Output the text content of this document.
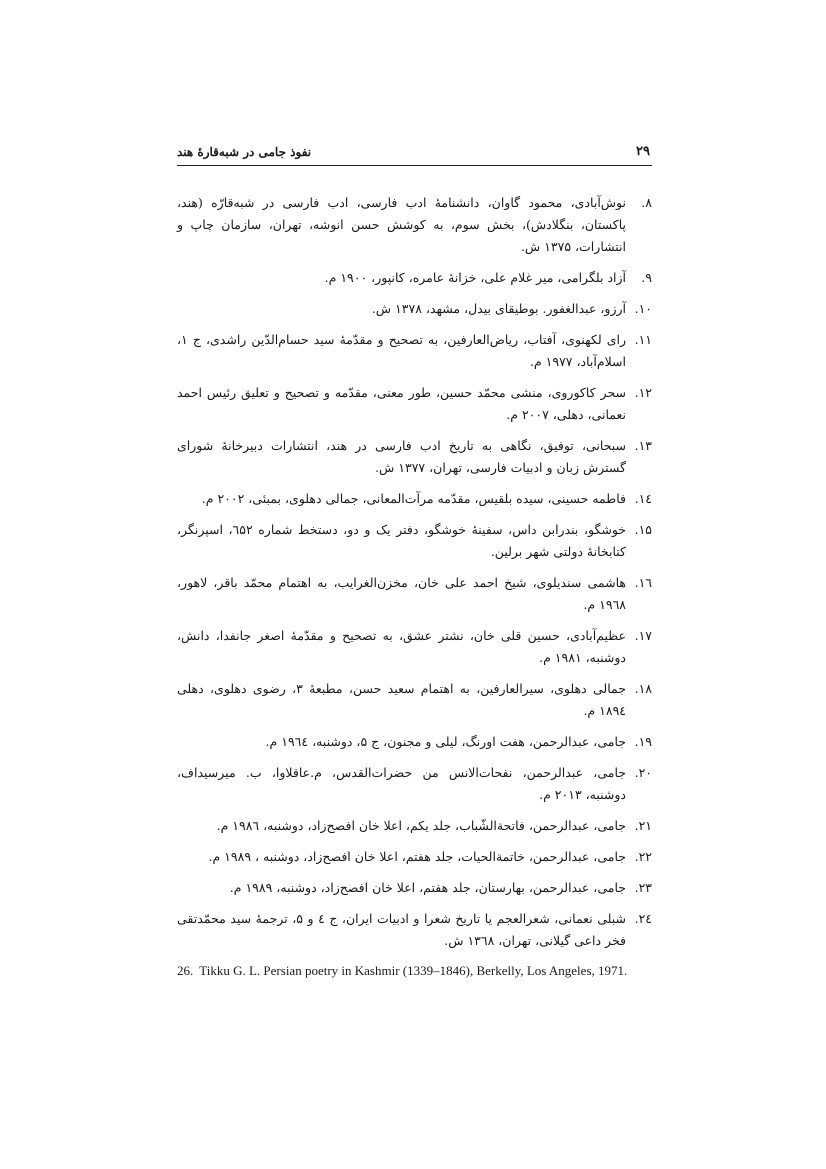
۲۹
نفوذ جامی در شبه‌قارهٔ هند
۸.
نوش‌آبادی، محمود گاوان، دانشنامهٔ ادب فارسی، ادب فارسی در شبه‌قارّه (هند، پاکستان، بنگلادش)، بخش سوم، به کوشش حسن انوشه، تهران، سازمان چاپ و انتشارات، ۱۳۷۵ ش.
۹.
آزاد بلگرامی، میر غلام علی، خزانهٔ عامره، کانپور، ۱۹۰۰ م.
۱۰.
آرزو، عبدالغفور. بوطیقای بیدل، مشهد، ۱۳۷۸ ش.
۱۱.
رای لکهنوی، آفتاب، ریاض‌العارفین، به تصحیح و مقدّمهٔ سید حسام‌الدّین راشدی، ج ۱، اسلام‌آباد، ۱۹۷۷ م.
۱۲.
سحر کاکوروی، منشی محمّد حسین، طور معنی، مقدّمه و تصحیح و تعلیق رئیس احمد نعمانی، دهلی، ۲۰۰۷ م.
۱۳.
سبحانی، توفیق، نگاهی به تاریخ ادب فارسی در هند، انتشارات دبیرخانهٔ شورای گسترش زبان و ادبیات فارسی، تهران، ۱۳۷۷ ش.
۱٤.
فاطمه حسینی، سیده بلقیس، مقدّمه مرآت‌المعانی، جمالی دهلوی، بمبئی، ۲۰۰۲ م.
۱۵.
خوشگو، بندرابن داس، سفینهٔ خوشگو، دفتر یک و دو، دستخط شماره ٦۵۲، اسپرنگر، کتابخانهٔ دولتی شهر برلین.
۱٦.
هاشمی سندیلوی، شیخ احمد علی خان، مخزن‌الغرایب، به اهتمام محمّد باقر، لاهور، ۱۹٦۸ م.
۱۷.
عظیم‌آبادی، حسین قلی خان، نشتر عشق، به تصحیح و مقدّمهٔ اصغر جانفدا، دانش، دوشنبه، ۱۹۸۱ م.
۱۸.
جمالی دهلوی، سیرالعارفین، به اهتمام سعید حسن، مطبعهٔ ۳، رضوی دهلوی، دهلی ۱۸۹٤ م.
۱۹.
جامی، عبدالرحمن، هفت اورنگ، لیلی و مجنون، ج ۵، دوشنبه، ۱۹٦٤ م.
۲۰.
جامی، عبدالرحمن، نفحات‌الانس من حضرات‌القدس، م.عاقلاوا، ب. میرسیداف، دوشنبه، ۲۰۱۳ م.
۲۱.
جامی، عبدالرحمن، فاتحةالشّباب، جلد یکم، اعلا خان افصح‌زاد، دوشنبه، ۱۹۸٦ م.
۲۲.
جامی، عبدالرحمن، خاتمةالحیات، جلد هفتم، اعلا خان افصح‌زاد، دوشنبه ، ۱۹۸۹ م.
۲۳.
جامی، عبدالرحمن، بهارستان، جلد هفتم، اعلا خان افصح‌زاد، دوشنبه، ۱۹۸۹ م.
۲٤.
شبلی نعمانی، شعرالعجم یا تاریخ شعرا و ادبیات ایران، ج ٤ و ۵، ترجمهٔ سید محمّدتقی فخر داعی گیلانی، تهران، ۱۳٦۸ ش.
26. Tikku G. L. Persian poetry in Kashmir (1339–1846), Berkelly, Los Angeles, 1971.
